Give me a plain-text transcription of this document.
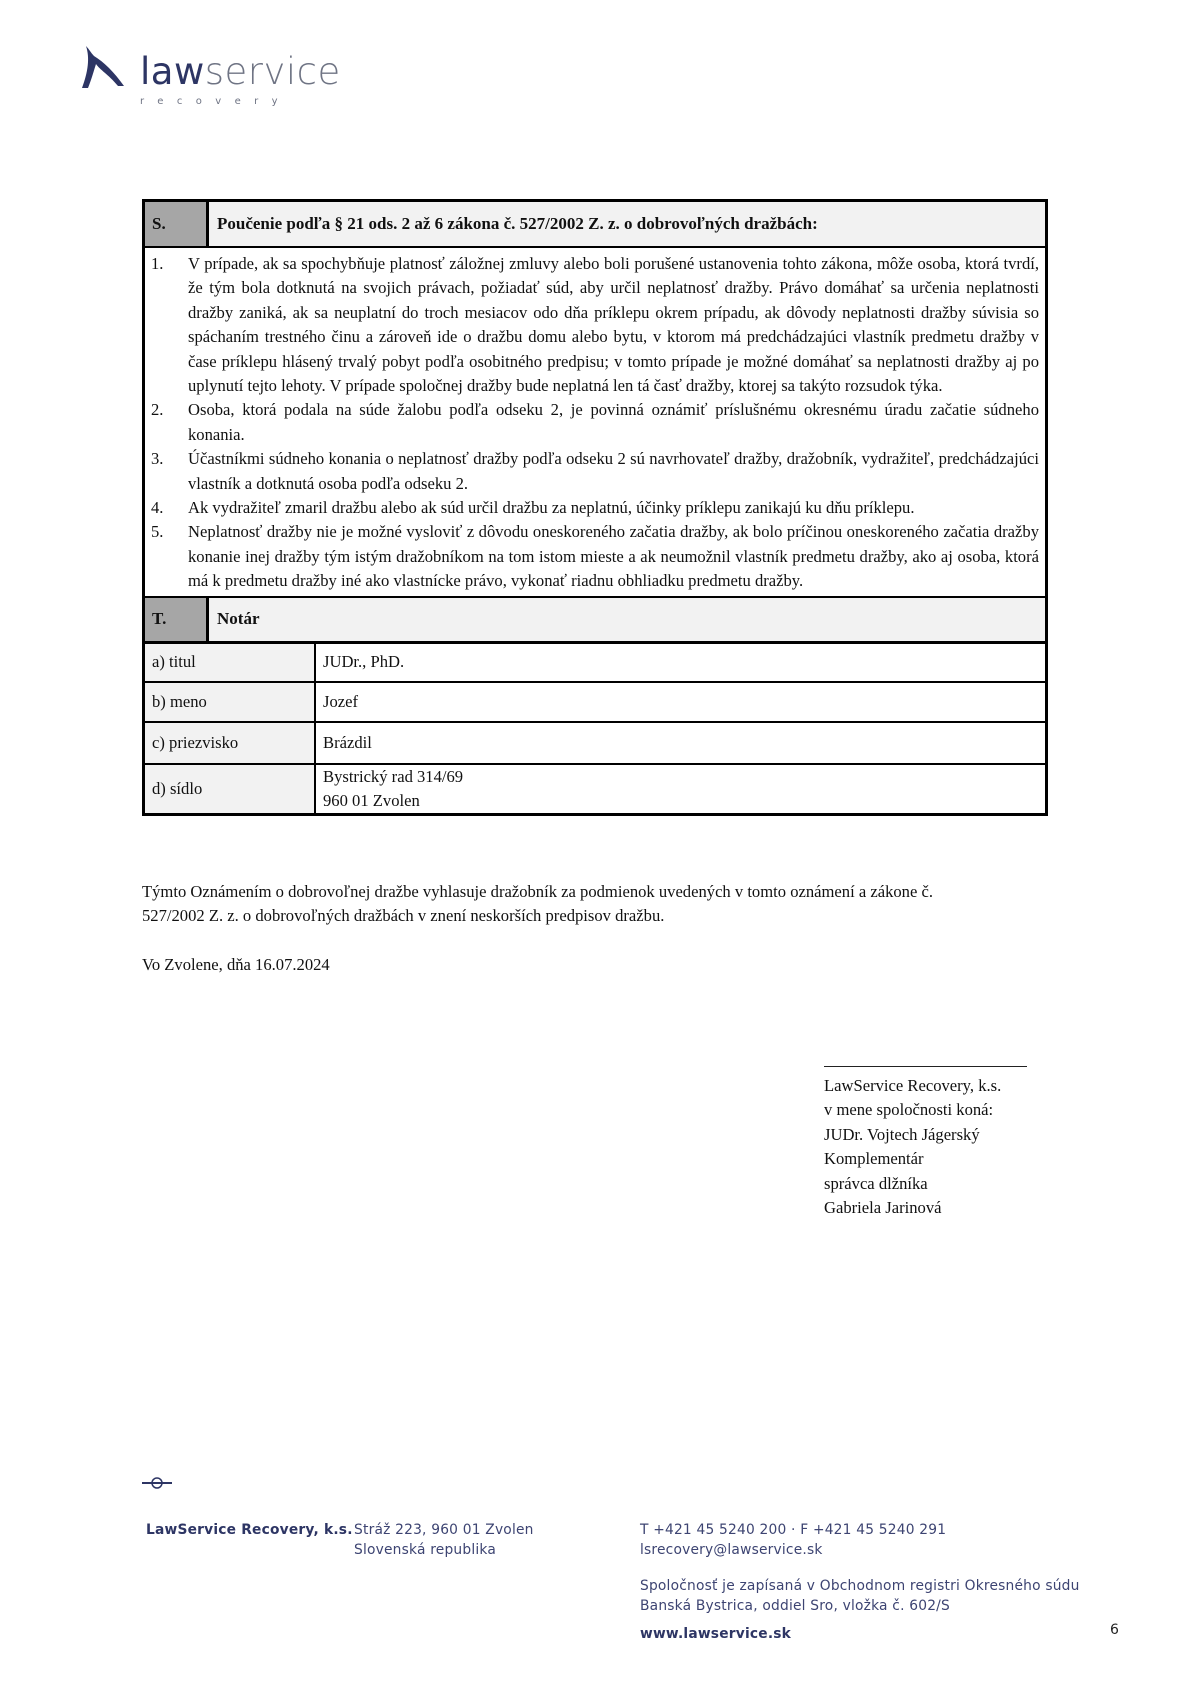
lawservice
recovery
S.	Poučenie podľa § 21 ods. 2 až 6 zákona č. 527/2002 Z. z. o dobrovoľných dražbách:
1. V prípade, ak sa spochybňuje platnosť záložnej zmluvy alebo boli porušené ustanovenia tohto zákona, môže osoba, ktorá tvrdí, že tým bola dotknutá na svojich právach, požiadať súd, aby určil neplatnosť dražby. Právo domáhať sa určenia neplatnosti dražby zaniká, ak sa neuplatní do troch mesiacov odo dňa príklepu okrem prípadu, ak dôvody neplatnosti dražby súvisia so spáchaním trestného činu a zároveň ide o dražbu domu alebo bytu, v ktorom má predchádzajúci vlastník predmetu dražby v čase príklepu hlásený trvalý pobyt podľa osobitného predpisu; v tomto prípade je možné domáhať sa neplatnosti dražby aj po uplynutí tejto lehoty. V prípade spoločnej dražby bude neplatná len tá časť dražby, ktorej sa takýto rozsudok týka.
2. Osoba, ktorá podala na súde žalobu podľa odseku 2, je povinná oznámiť príslušnému okresnému úradu začatie súdneho konania.
3. Účastníkmi súdneho konania o neplatnosť dražby podľa odseku 2 sú navrhovateľ dražby, dražobník, vydražiteľ, predchádzajúci vlastník a dotknutá osoba podľa odseku 2.
4. Ak vydražiteľ zmaril dražbu alebo ak súd určil dražbu za neplatnú, účinky príklepu zanikajú ku dňu príklepu.
5. Neplatnosť dražby nie je možné vysloviť z dôvodu oneskoreného začatia dražby, ak bolo príčinou oneskoreného začatia dražby konanie inej dražby tým istým dražobníkom na tom istom mieste a ak neumožnil vlastník predmetu dražby, ako aj osoba, ktorá má k predmetu dražby iné ako vlastnícke právo, vykonať riadnu obhliadku predmetu dražby.
T.	Notár
a) titul	JUDr., PhD.
b) meno	Jozef
c) priezvisko	Brázdil
d) sídlo	Bystrický rad 314/69
960 01 Zvolen
Týmto Oznámením o dobrovoľnej dražbe vyhlasuje dražobník za podmienok uvedených v tomto oznámení a zákone č.
527/2002 Z. z. o dobrovoľných dražbách v znení neskorších predpisov dražbu.
Vo Zvolene, dňa 16.07.2024
LawService Recovery, k.s.
v mene spoločnosti koná:
JUDr. Vojtech Jágerský
Komplementár
správca dlžníka
Gabriela Jarinová
LawService Recovery, k.s. Stráž 223, 960 01 Zvolen
Slovenská republika
T +421 45 5240 200 · F +421 45 5240 291
lsrecovery@lawservice.sk
Spoločnosť je zapísaná v Obchodnom registri Okresného súdu
Banská Bystrica, oddiel Sro, vložka č. 602/S
www.lawservice.sk	6
